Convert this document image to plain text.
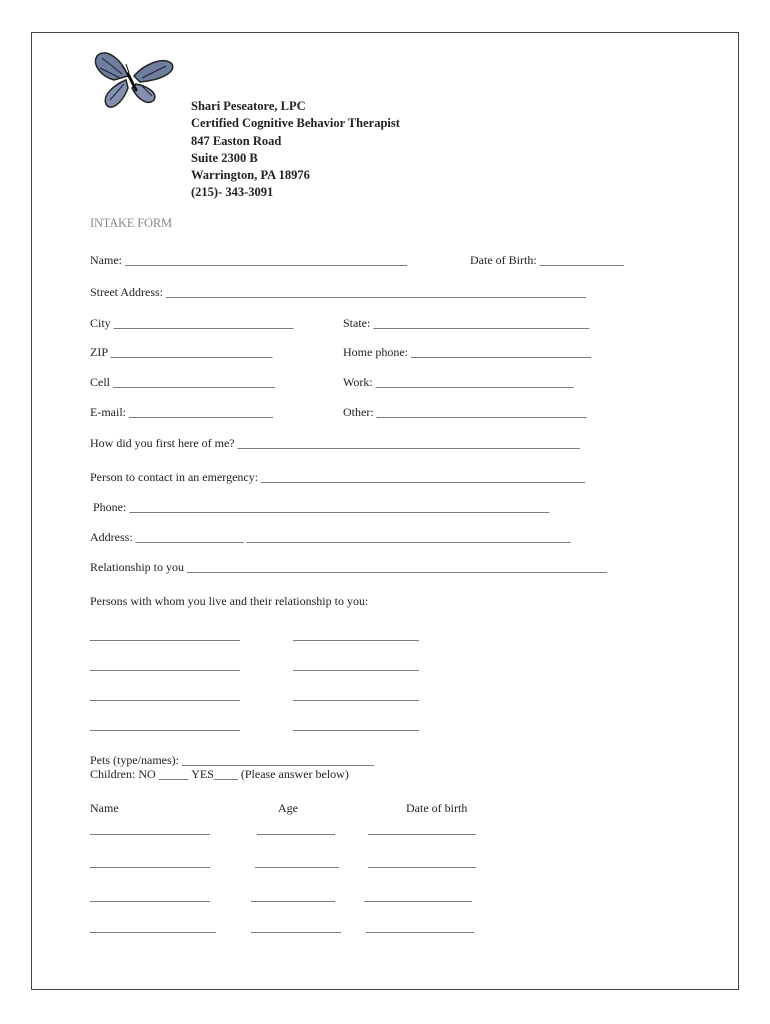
Shari Peseatore, LPC
Certified Cognitive Behavior Therapist
847 Easton Road
Suite 2300 B
Warrington, PA 18976
(215)- 343-3091
INTAKE FORM
Name: _______________________________________________	Date of Birth: ______________
Street Address: ______________________________________________________________________
City ______________________________	State: ____________________________________
ZIP ___________________________	Home phone: ______________________________
Cell ___________________________	Work: _________________________________
E-mail: ________________________	Other: ___________________________________
How did you first here of me? _________________________________________________________
Person to contact in an emergency: ______________________________________________________
Phone: ______________________________________________________________________
Address: __________________ ______________________________________________________
Relationship to you ______________________________________________________________________
Persons with whom you live and their relationship to you:
_________________________	_____________________
_________________________	_____________________
_________________________	_____________________
_________________________	_____________________
Pets (type/names): ________________________________
Children: NO _____ YES____ (Please answer below)
Name	Age	Date of birth
____________________	_____________	__________________
____________________	______________ __________________
____________________	______________ __________________
_____________________	_______________ __________________
